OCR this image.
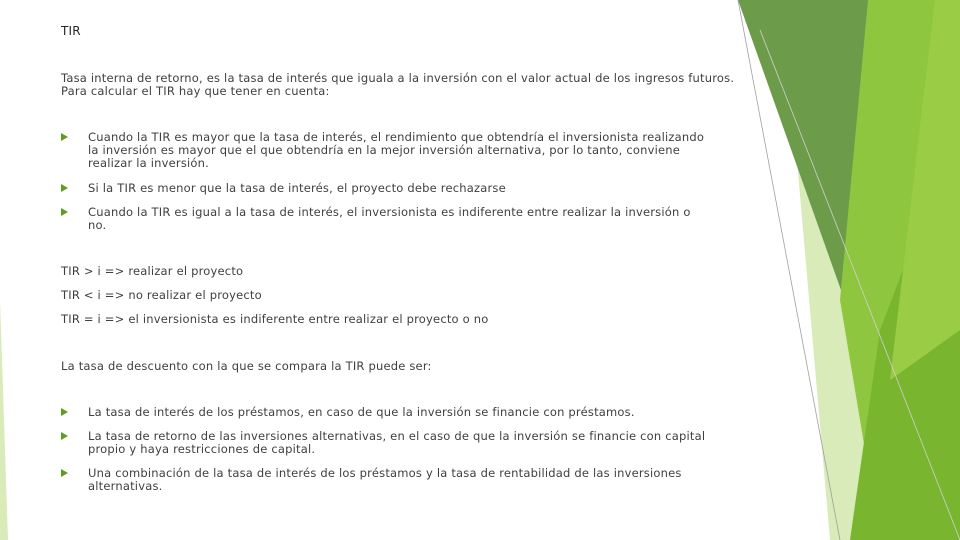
TIR
Tasa interna de retorno, es la tasa de interés que iguala a la inversión con el valor actual de los ingresos futuros. Para calcular el TIR hay que tener en cuenta:
Cuando la TIR es mayor que la tasa de interés, el rendimiento que obtendría el inversionista realizando la inversión es mayor que el que obtendría en la mejor inversión alternativa, por lo tanto, conviene realizar la inversión.
Si la TIR es menor que la tasa de interés, el proyecto debe rechazarse
Cuando la TIR es igual a la tasa de interés, el inversionista es indiferente entre realizar la inversión o no.
TIR > i => realizar el proyecto
TIR < i => no realizar el proyecto
TIR = i => el inversionista es indiferente entre realizar el proyecto o no
La tasa de descuento con la que se compara la TIR puede ser:
La tasa de interés de los préstamos, en caso de que la inversión se financie con préstamos.
La tasa de retorno de las inversiones alternativas, en el caso de que la inversión se financie con capital propio y haya restricciones de capital.
Una combinación de la tasa de interés de los préstamos y la tasa de rentabilidad de las inversiones alternativas.
